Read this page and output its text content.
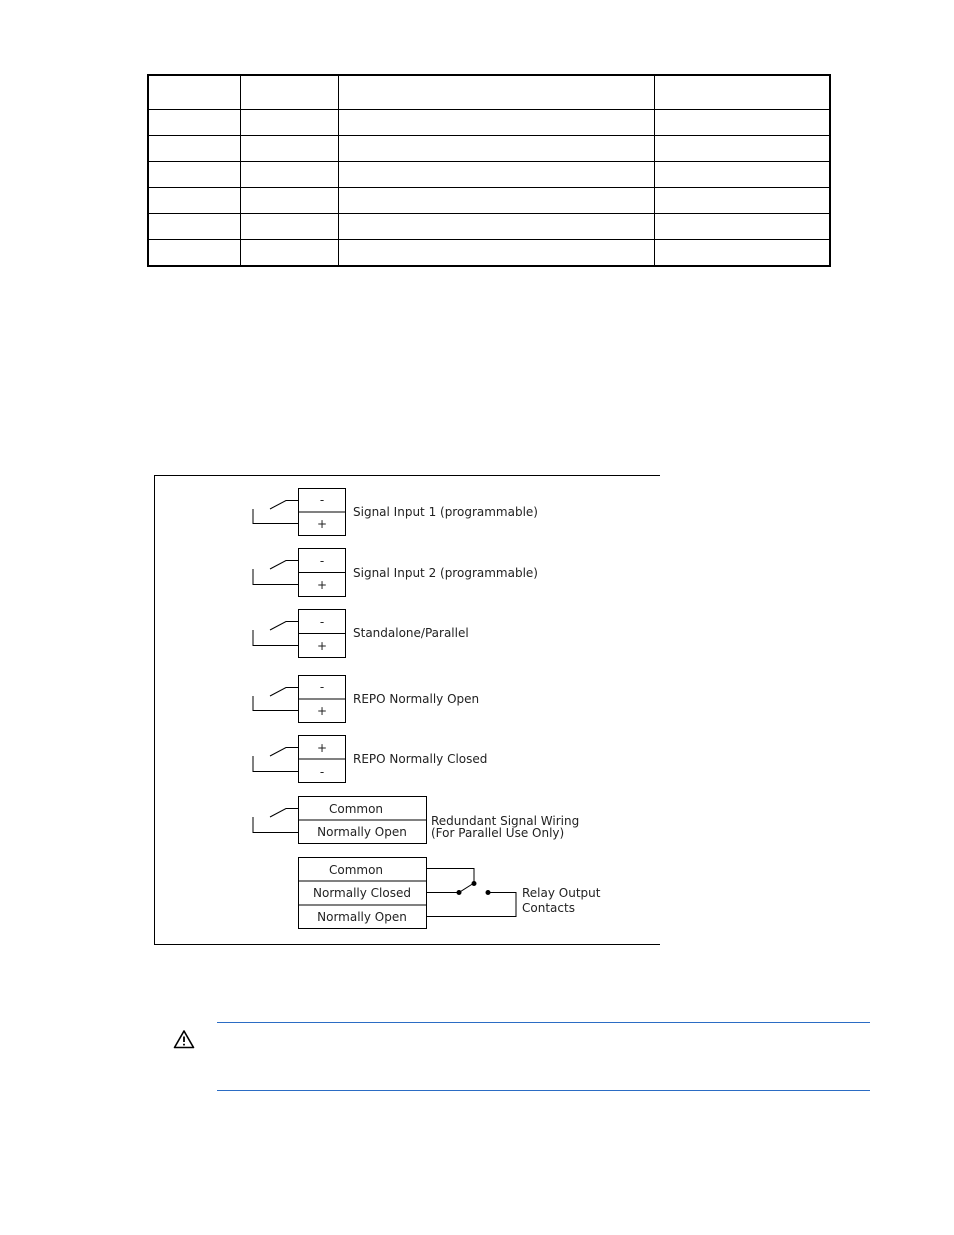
-
+
Signal Input 1 (programmable)
-
+
Signal Input 2 (programmable)
-
+
Standalone/Parallel
-
+
REPO Normally Open
+
-
REPO Normally Closed
Common
Normally Open
Redundant Signal Wiring
(For Parallel Use Only)
Common
Normally Closed
Normally Open
Relay Output
Contacts
